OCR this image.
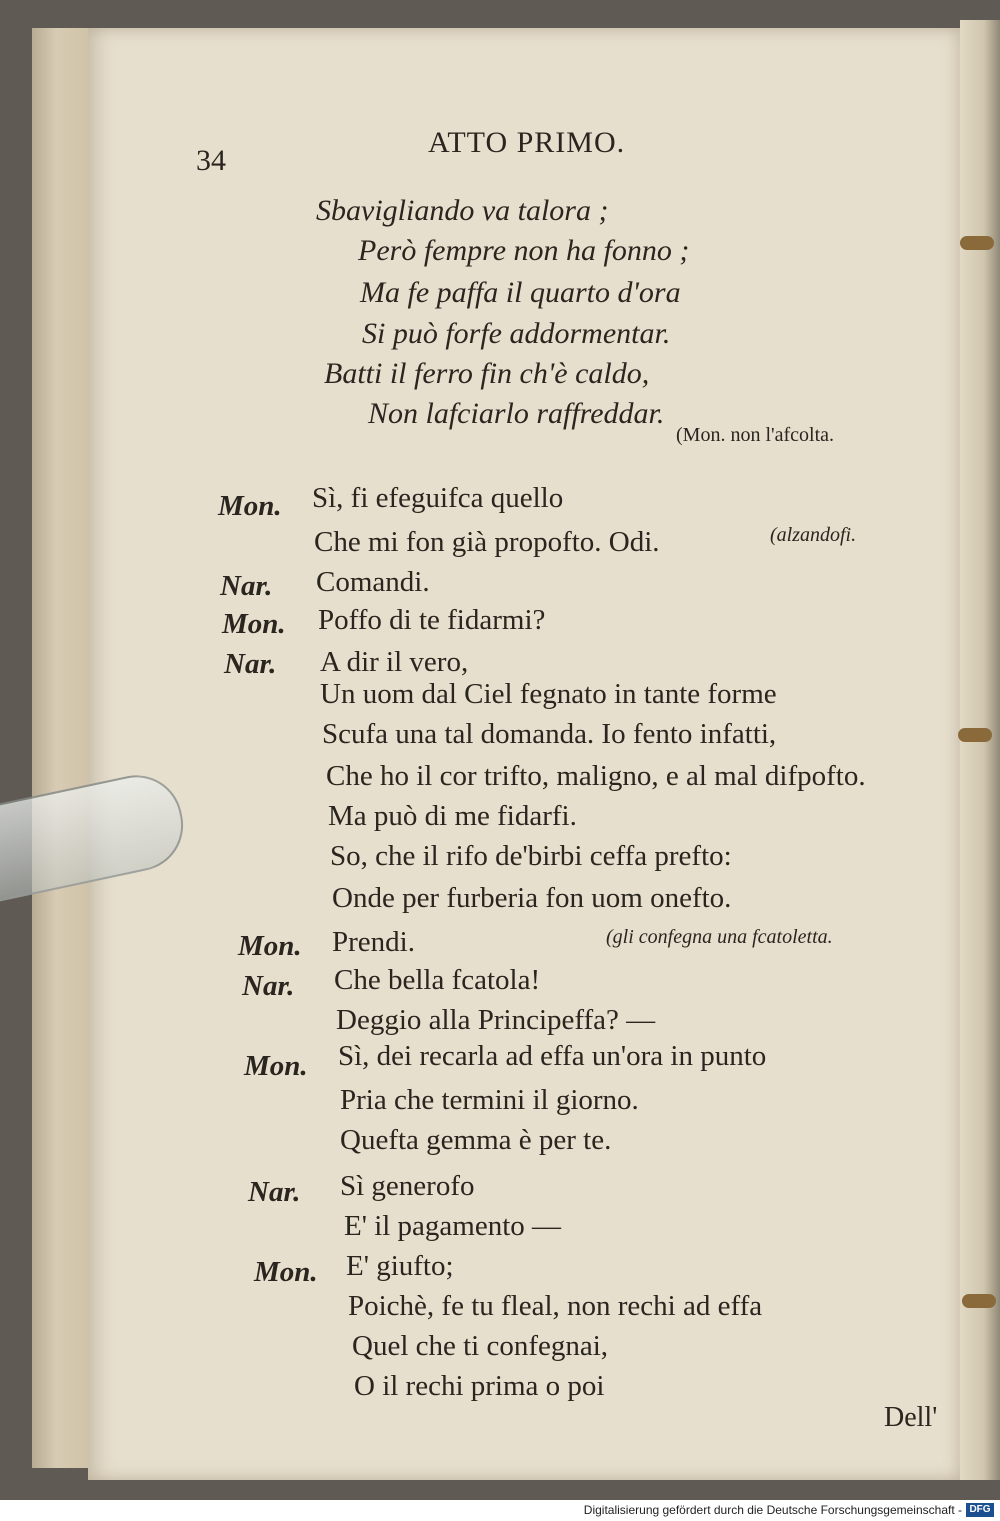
34
ATTO PRIMO.
Sbavigliando va talora ;
Però fempre non ha fonno ;
Ma fe paffa il quarto d'ora
Si può forfe addormentar.
Batti il ferro fin ch'è caldo,
Non lafciarlo raffreddar.
(Mon. non l'afcolta.
Mon. Sì, fi efeguifca quello
Che mi fon già propofto. Odi.	(alzandofi.
Nar. Comandi.
Mon. Poffo di te fidarmi?
Nar. A dir il vero,
Un uom dal Ciel fegnato in tante forme
Scufa una tal domanda. Io fento infatti,
Che ho il cor trifto, maligno, e al mal difpofto.
Ma può di me fidarfi.
So, che il rifo de'birbi ceffa prefto:
Onde per furberia fon uom onefto.
Mon. Prendi.	(gli confegna una fcatoletta.
Nar. Che bella fcatola!
Deggio alla Principeffa? —
Mon. Sì, dei recarla ad effa un'ora in punto
Pria che termini il giorno.
Quefta gemma è per te.
Nar. Sì generofo
E' il pagamento —
Mon. E' giufto;
Poichè, fe tu fleal, non rechi ad effa
Quel che ti confegnai,
O il rechi prima o poi
Dell'
Digitalisierung gefördert durch die Deutsche Forschungsgemeinschaft - DFG
